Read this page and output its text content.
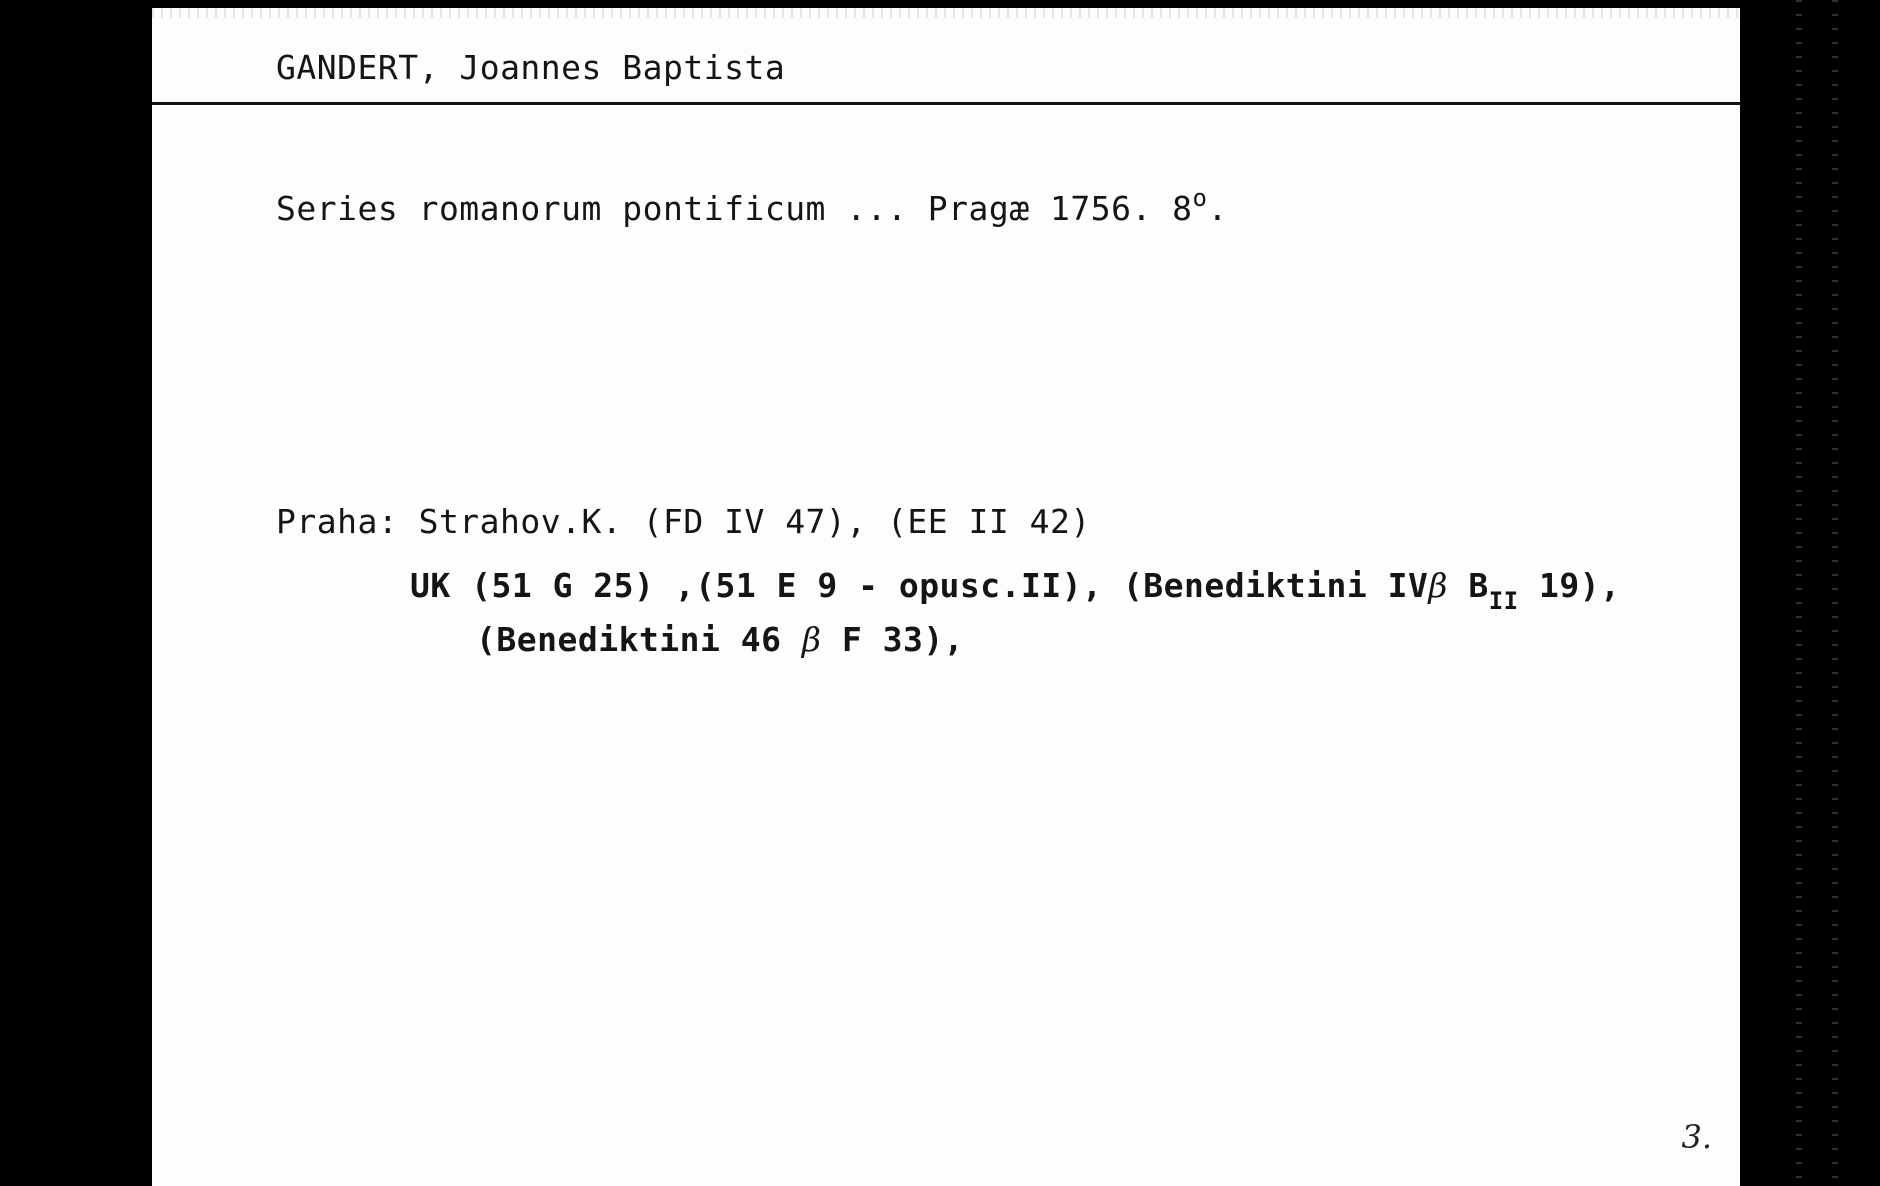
GANDERT, Joannes Baptista
Series romanorum pontificum ... Pragæ 1756. 8$^o$.
Praha: Strahov.K. (FD IV 47), (EE II 42)
UK (51 G 25) ,(51 E 9 - opusc.II), (Benediktini IVβ $B_{II}$ 19),
(Benediktini 46 β F 33),
3.
